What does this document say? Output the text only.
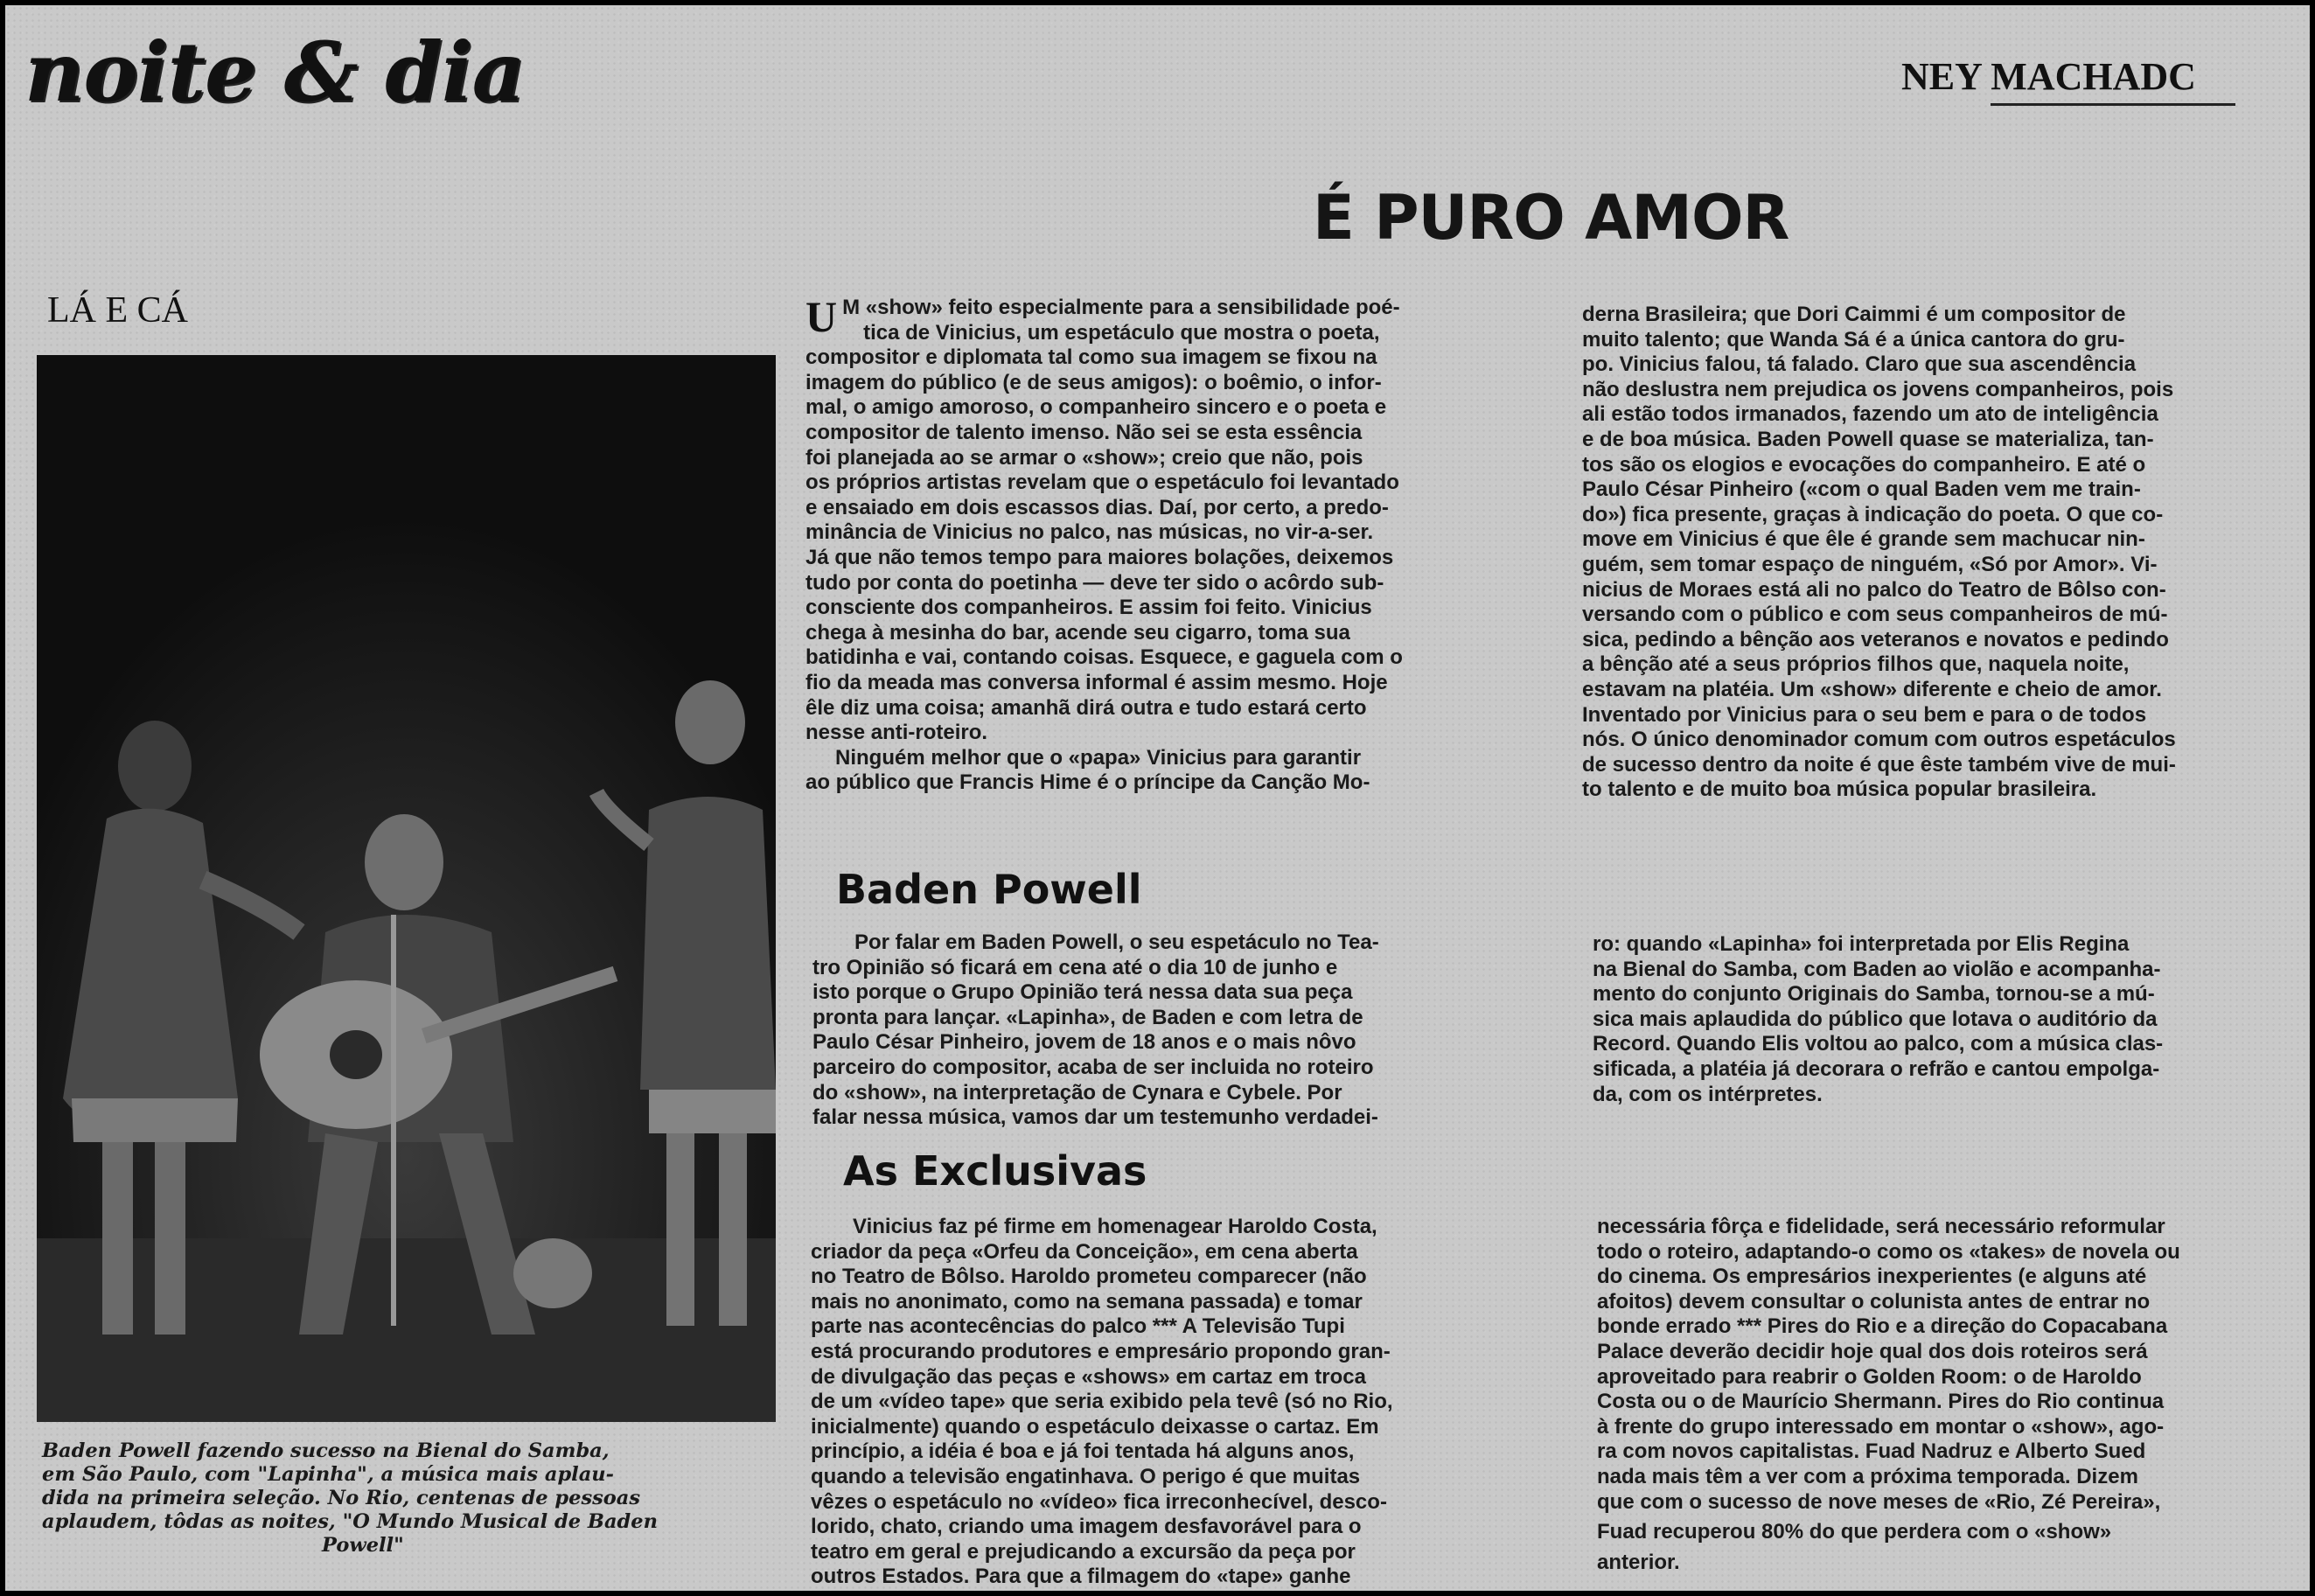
noite & dia	NEY MACHADC
É PURO AMOR
LÁ E CÁ
Baden Powell fazendo sucesso na Bienal do Samba,
em São Paulo, com "Lapinha", a música mais aplau-
dida na primeira seleção. No Rio, centenas de pessoas
aplaudem, tôdas as noites, "O Mundo Musical de Baden
Powell"
U M «show» feito especialmente para a sensibilidade poé-
tica de Vinicius, um espetáculo que mostra o poeta,
compositor e diplomata tal como sua imagem se fixou na
imagem do público (e de seus amigos): o boêmio, o infor-
mal, o amigo amoroso, o companheiro sincero e o poeta e
compositor de talento imenso. Não sei se esta essência
foi planejada ao se armar o «show»; creio que não, pois
os próprios artistas revelam que o espetáculo foi levantado
e ensaiado em dois escassos dias. Daí, por certo, a predo-
minância de Vinicius no palco, nas músicas, no vir-a-ser.
Já que não temos tempo para maiores bolações, deixemos
tudo por conta do poetinha — deve ter sido o acôrdo sub-
consciente dos companheiros. E assim foi feito. Vinicius
chega à mesinha do bar, acende seu cigarro, toma sua
batidinha e vai, contando coisas. Esquece, e gaguela com o
fio da meada mas conversa informal é assim mesmo. Hoje
êle diz uma coisa; amanhã dirá outra e tudo estará certo
nesse anti-roteiro.
Ninguém melhor que o «papa» Vinicius para garantir
ao público que Francis Hime é o príncipe da Canção Mo-
derna Brasileira; que Dori Caimmi é um compositor de
muito talento; que Wanda Sá é a única cantora do gru-
po. Vinicius falou, tá falado. Claro que sua ascendência
não deslustra nem prejudica os jovens companheiros, pois
ali estão todos irmanados, fazendo um ato de inteligência
e de boa música. Baden Powell quase se materializa, tan-
tos são os elogios e evocações do companheiro. E até o
Paulo César Pinheiro («com o qual Baden vem me train-
do») fica presente, graças à indicação do poeta. O que co-
move em Vinicius é que êle é grande sem machucar nin-
guém, sem tomar espaço de ninguém, «Só por Amor». Vi-
nicius de Moraes está ali no palco do Teatro de Bôlso con-
versando com o público e com seus companheiros de mú-
sica, pedindo a bênção aos veteranos e novatos e pedindo
a bênção até a seus próprios filhos que, naquela noite,
estavam na platéia. Um «show» diferente e cheio de amor.
Inventado por Vinicius para o seu bem e para o de todos
nós. O único denominador comum com outros espetáculos
de sucesso dentro da noite é que êste também vive de mui-
to talento e de muito boa música popular brasileira.
Baden Powell
Por falar em Baden Powell, o seu espetáculo no Tea-
tro Opinião só ficará em cena até o dia 10 de junho e
isto porque o Grupo Opinião terá nessa data sua peça
pronta para lançar. «Lapinha», de Baden e com letra de
Paulo César Pinheiro, jovem de 18 anos e o mais nôvo
parceiro do compositor, acaba de ser incluida no roteiro
do «show», na interpretação de Cynara e Cybele. Por
falar nessa música, vamos dar um testemunho verdadei-
ro: quando «Lapinha» foi interpretada por Elis Regina
na Bienal do Samba, com Baden ao violão e acompanha-
mento do conjunto Originais do Samba, tornou-se a mú-
sica mais aplaudida do público que lotava o auditório da
Record. Quando Elis voltou ao palco, com a música clas-
sificada, a platéia já decorara o refrão e cantou empolga-
da, com os intérpretes.
As Exclusivas
Vinicius faz pé firme em homenagear Haroldo Costa,
criador da peça «Orfeu da Conceição», em cena aberta
no Teatro de Bôlso. Haroldo prometeu comparecer (não
mais no anonimato, como na semana passada) e tomar
parte nas acontecências do palco *** A Televisão Tupi
está procurando produtores e empresário propondo gran-
de divulgação das peças e «shows» em cartaz em troca
de um «vídeo tape» que seria exibido pela tevê (só no Rio,
inicialmente) quando o espetáculo deixasse o cartaz. Em
princípio, a idéia é boa e já foi tentada há alguns anos,
quando a televisão engatinhava. O perigo é que muitas
vêzes o espetáculo no «vídeo» fica irreconhecível, desco-
lorido, chato, criando uma imagem desfavorável para o
teatro em geral e prejudicando a excursão da peça por
outros Estados. Para que a filmagem do «tape» ganhe
necessária fôrça e fidelidade, será necessário reformular
todo o roteiro, adaptando-o como os «takes» de novela ou
do cinema. Os empresários inexperientes (e alguns até
afoitos) devem consultar o colunista antes de entrar no
bonde errado *** Pires do Rio e a direção do Copacabana
Palace deverão decidir hoje qual dos dois roteiros será
aproveitado para reabrir o Golden Room: o de Haroldo
Costa ou o de Maurício Shermann. Pires do Rio continua
à frente do grupo interessado em montar o «show», ago-
ra com novos capitalistas. Fuad Nadruz e Alberto Sued
nada mais têm a ver com a próxima temporada. Dizem
que com o sucesso de nove meses de «Rio, Zé Pereira»,
Fuad recuperou 80% do que perdera com o «show»
anterior.
